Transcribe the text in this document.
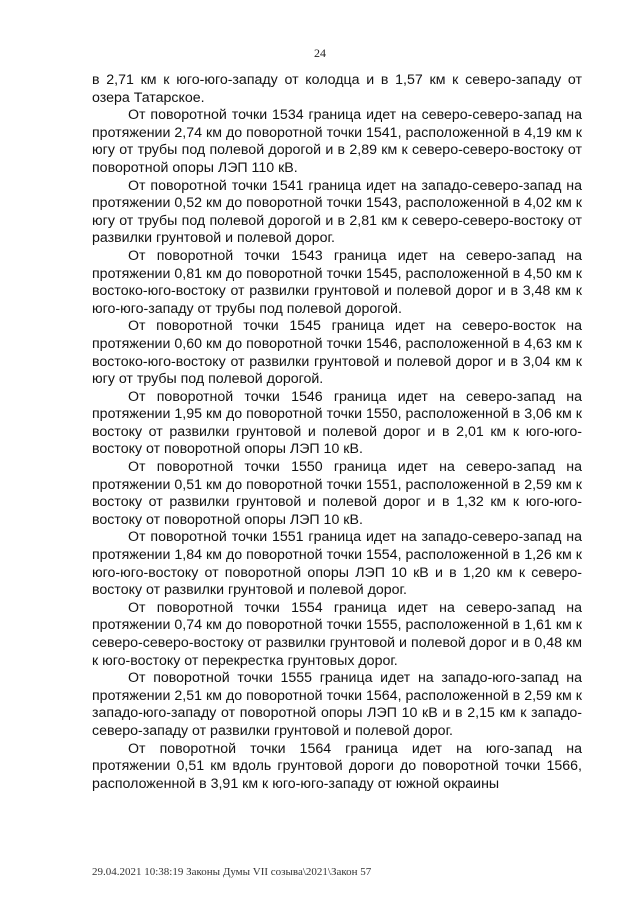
24

в 2,71 км к юго-юго-западу от колодца и в 1,57 км к северо-западу от озера Татарское.

От поворотной точки 1534 граница идет на северо-северо-запад на протяжении 2,74 км до поворотной точки 1541, расположенной в 4,19 км к югу от трубы под полевой дорогой и в 2,89 км к северо-северо-востоку от поворотной опоры ЛЭП 110 кВ.

От поворотной точки 1541 граница идет на западо-северо-запад на протяжении 0,52 км до поворотной точки 1543, расположенной в 4,02 км к югу от трубы под полевой дорогой и в 2,81 км к северо-северо-востоку от развилки грунтовой и полевой дорог.

От поворотной точки 1543 граница идет на северо-запад на протяжении 0,81 км до поворотной точки 1545, расположенной в 4,50 км к востоко-юго-востоку от развилки грунтовой и полевой дорог и в 3,48 км к юго-юго-западу от трубы под полевой дорогой.

От поворотной точки 1545 граница идет на северо-восток на протяжении 0,60 км до поворотной точки 1546, расположенной в 4,63 км к востоко-юго-востоку от развилки грунтовой и полевой дорог и в 3,04 км к югу от трубы под полевой дорогой.

От поворотной точки 1546 граница идет на северо-запад на протяжении 1,95 км до поворотной точки 1550, расположенной в 3,06 км к востоку от развилки грунтовой и полевой дорог и в 2,01 км к юго-юго-востоку от поворотной опоры ЛЭП 10 кВ.

От поворотной точки 1550 граница идет на северо-запад на протяжении 0,51 км до поворотной точки 1551, расположенной в 2,59 км к востоку от развилки грунтовой и полевой дорог и в 1,32 км к юго-юго-востоку от поворотной опоры ЛЭП 10 кВ.

От поворотной точки 1551 граница идет на западо-северо-запад на протяжении 1,84 км до поворотной точки 1554, расположенной в 1,26 км к юго-юго-востоку от поворотной опоры ЛЭП 10 кВ и в 1,20 км к северо-востоку от развилки грунтовой и полевой дорог.

От поворотной точки 1554 граница идет на северо-запад на протяжении 0,74 км до поворотной точки 1555, расположенной в 1,61 км к северо-северо-востоку от развилки грунтовой и полевой дорог и в 0,48 км к юго-востоку от перекрестка грунтовых дорог.

От поворотной точки 1555 граница идет на западо-юго-запад на протяжении 2,51 км до поворотной точки 1564, расположенной в 2,59 км к западо-юго-западу от поворотной опоры ЛЭП 10 кВ и в 2,15 км к западо-северо-западу от развилки грунтовой и полевой дорог.

От поворотной точки 1564 граница идет на юго-запад на протяжении 0,51 км вдоль грунтовой дороги до поворотной точки 1566, расположенной в 3,91 км к юго-юго-западу от южной окраины

29.04.2021 10:38:19 Законы Думы VII созыва\2021\Закон 57
